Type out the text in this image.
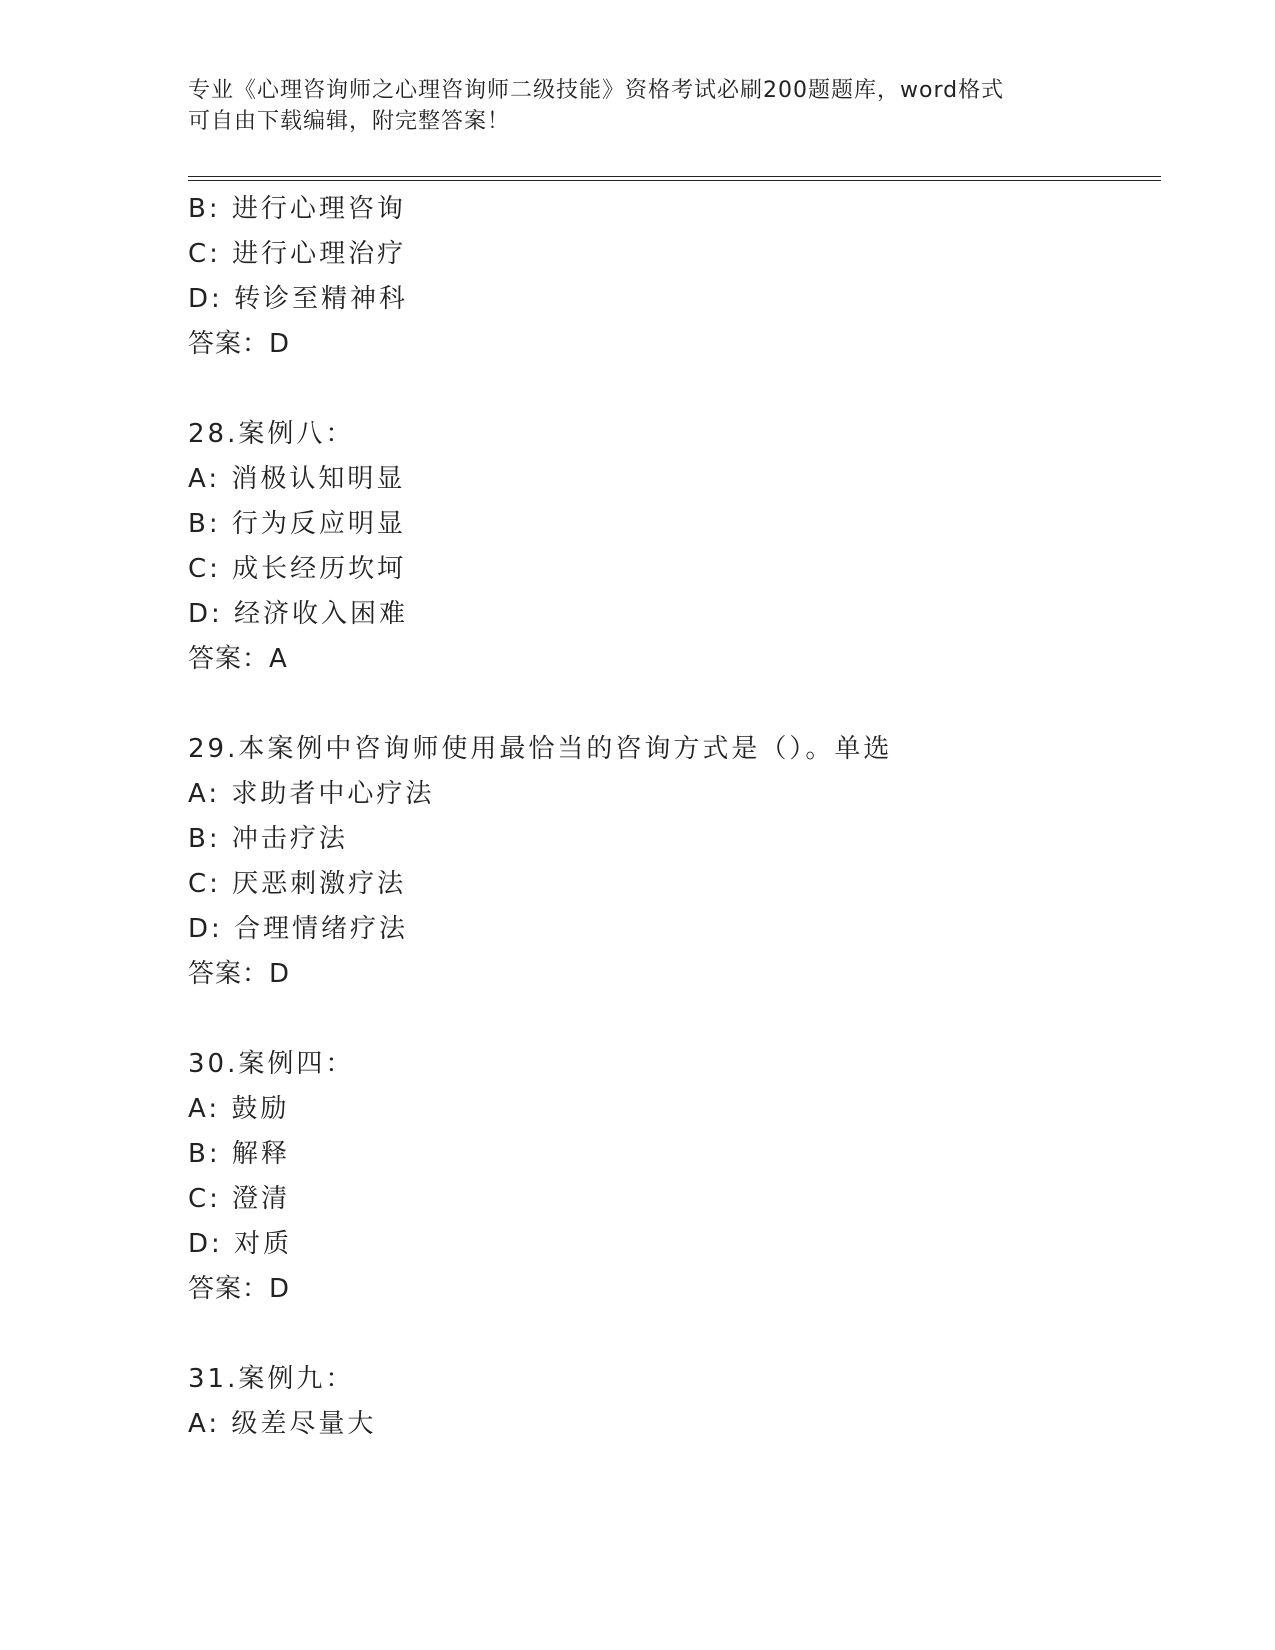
专业《心理咨询师之心理咨询师二级技能》资格考试必刷200题题库，word格式
可自由下载编辑，附完整答案！
B: 进行心理咨询
C: 进行心理治疗
D: 转诊至精神科
答案：D
28.案例八：
A: 消极认知明显
B: 行为反应明显
C: 成长经历坎坷
D: 经济收入困难
答案：A
29.本案例中咨询师使用最恰当的咨询方式是（）。单选
A: 求助者中心疗法
B: 冲击疗法
C: 厌恶刺激疗法
D: 合理情绪疗法
答案：D
30.案例四：
A: 鼓励
B: 解释
C: 澄清
D: 对质
答案：D
31.案例九：
A: 级差尽量大
